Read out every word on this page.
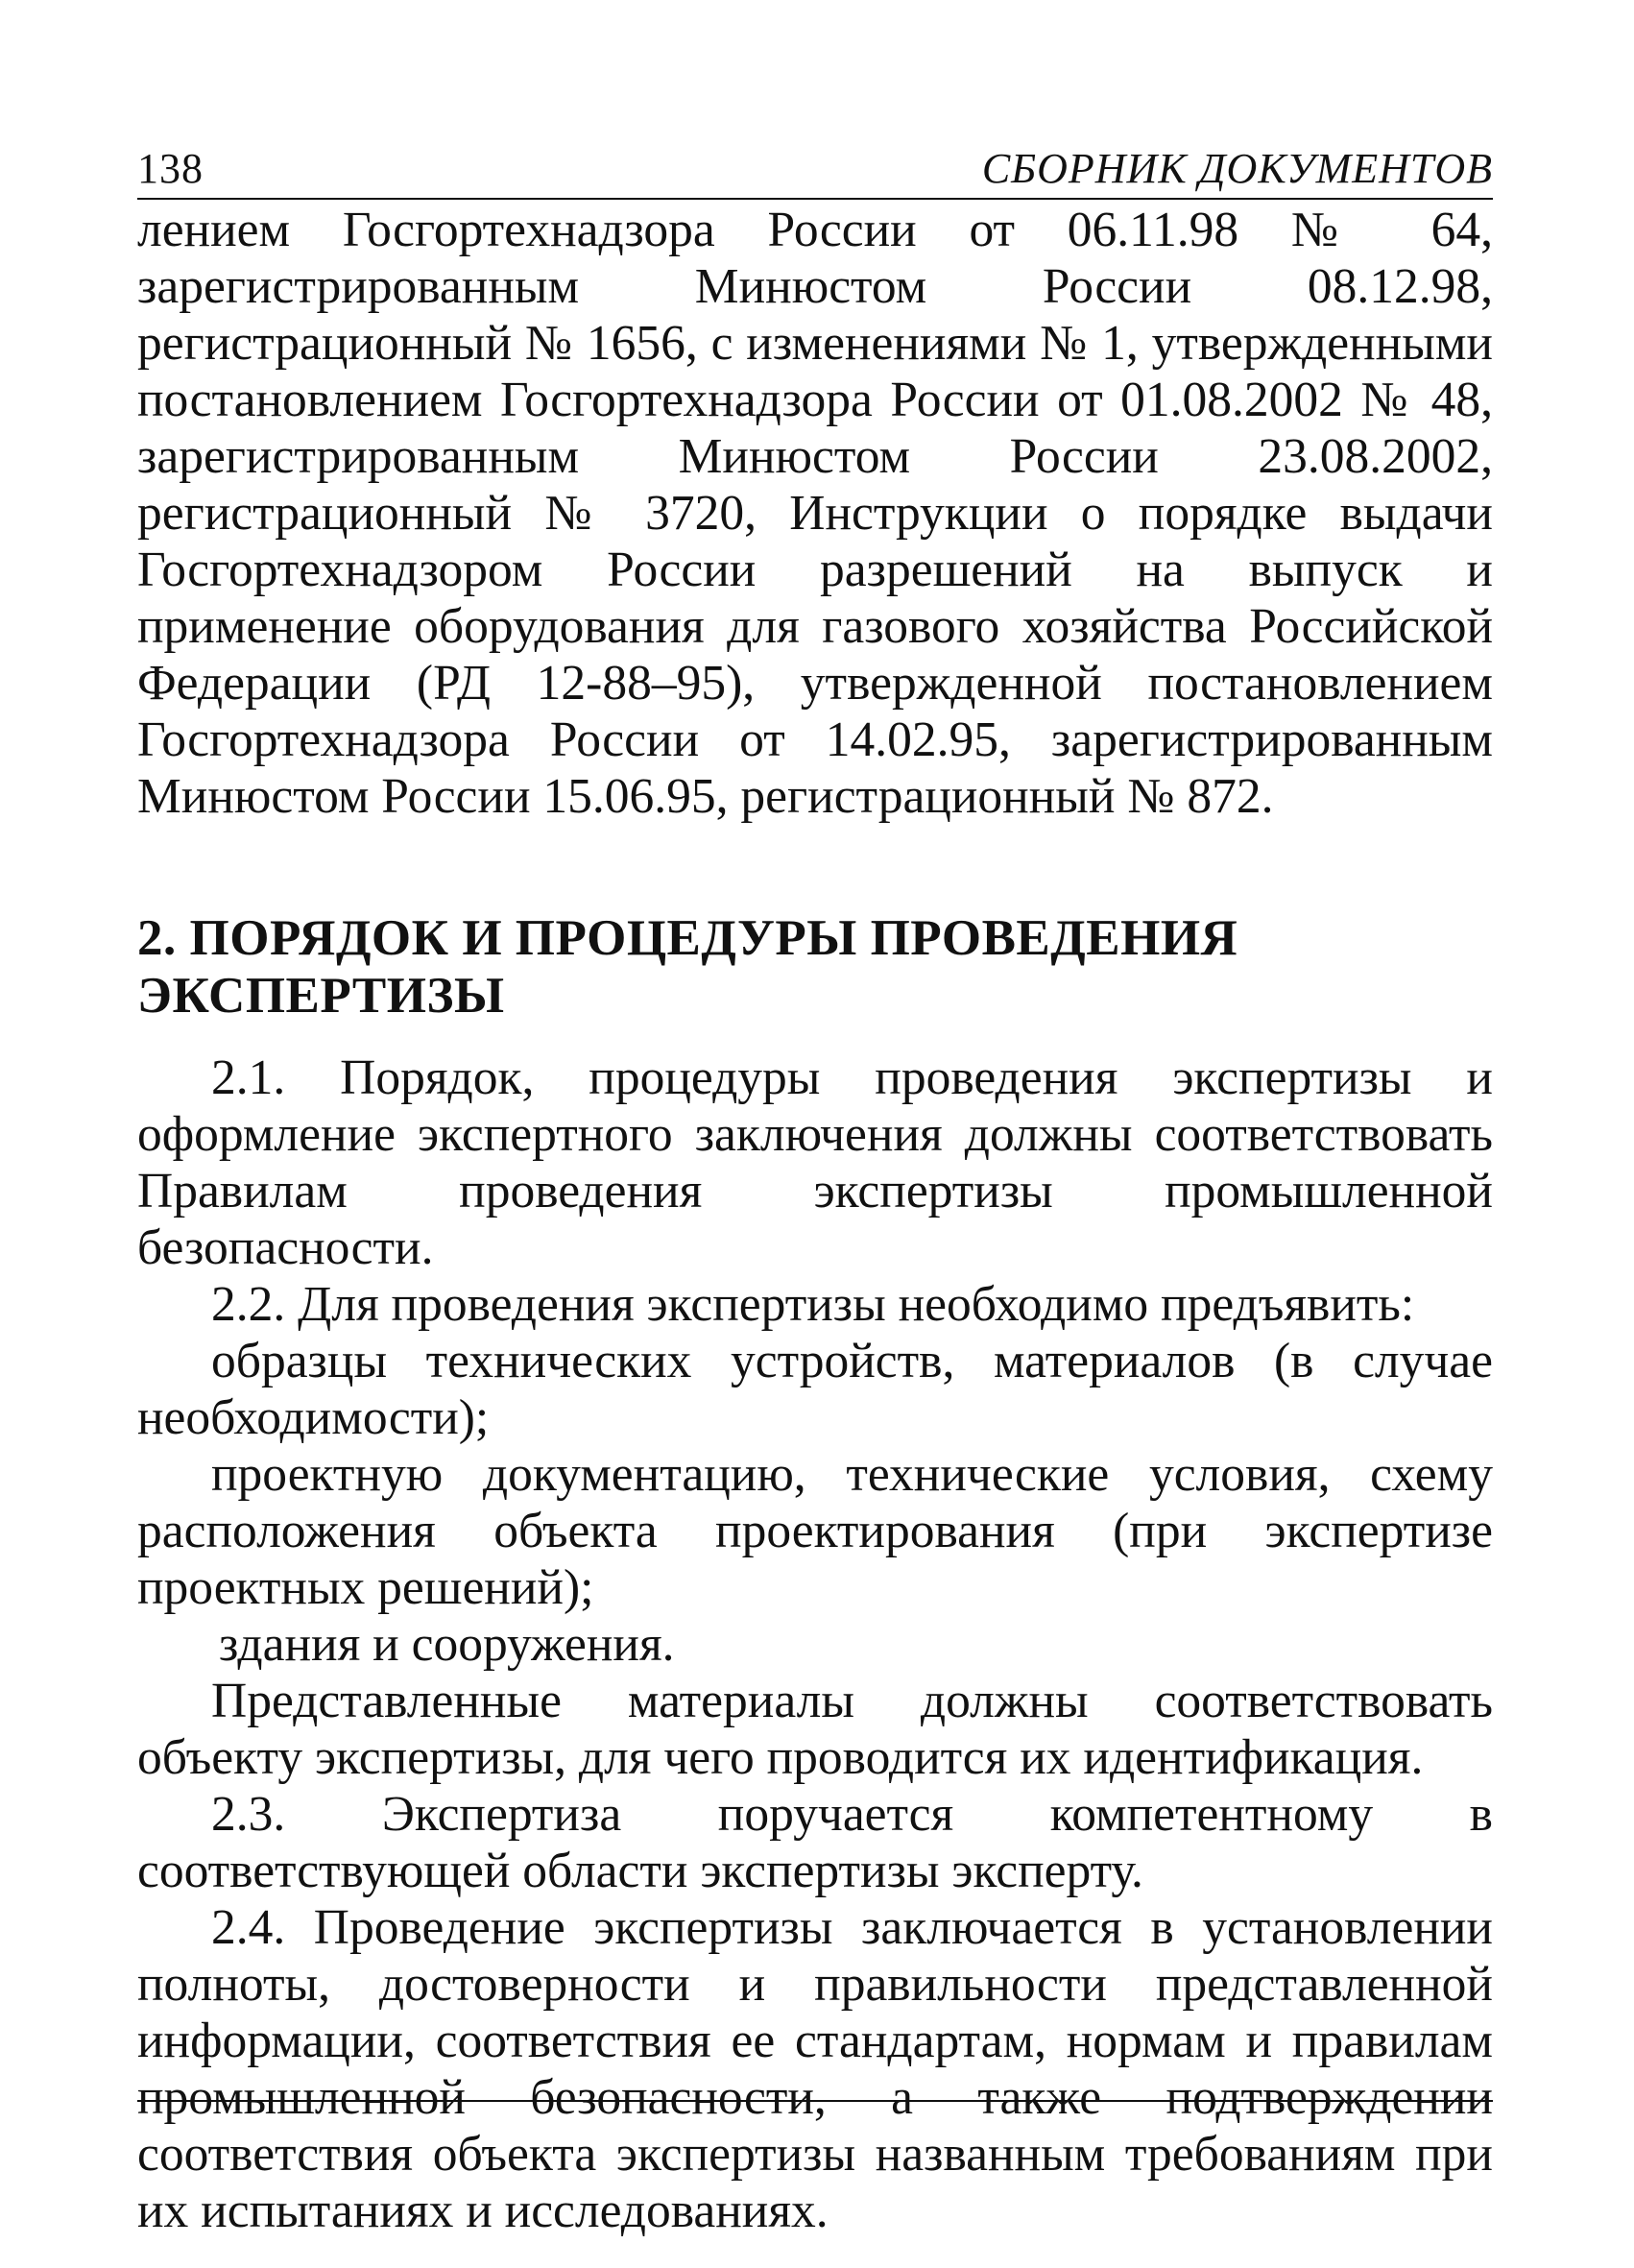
138	СБОРНИК ДОКУМЕНТОВ

лением Госгортехнадзора России от 06.11.98 № 64, зарегистрированным Минюстом России 08.12.98, регистрационный № 1656, с изменениями № 1, утвержденными постановлением Госгортехнадзора России от 01.08.2002 № 48, зарегистрированным Минюстом России 23.08.2002, регистрационный № 3720, Инструкции о порядке выдачи Госгортехнадзором России разрешений на выпуск и применение оборудования для газового хозяйства Российской Федерации (РД 12-88–95), утвержденной постановлением Госгортехнадзора России от 14.02.95, зарегистрированным Минюстом России 15.06.95, регистрационный № 872.

2. ПОРЯДОК И ПРОЦЕДУРЫ ПРОВЕДЕНИЯ ЭКСПЕРТИЗЫ

2.1. Порядок, процедуры проведения экспертизы и оформление экспертного заключения должны соответствовать Правилам проведения экспертизы промышленной безопасности.

2.2. Для проведения экспертизы необходимо предъявить:

образцы технических устройств, материалов (в случае необходимости);

проектную документацию, технические условия, схему расположения объекта проектирования (при экспертизе проектных решений);

здания и сооружения.

Представленные материалы должны соответствовать объекту экспертизы, для чего проводится их идентификация.

2.3. Экспертиза поручается компетентному в соответствующей области экспертизы эксперту.

2.4. Проведение экспертизы заключается в установлении полноты, достоверности и правильности представленной информации, соответствия ее стандартам, нормам и правилам промышленной безопасности, а также подтверждении соответствия объекта экспертизы названным требованиям при их испытаниях и исследованиях.
